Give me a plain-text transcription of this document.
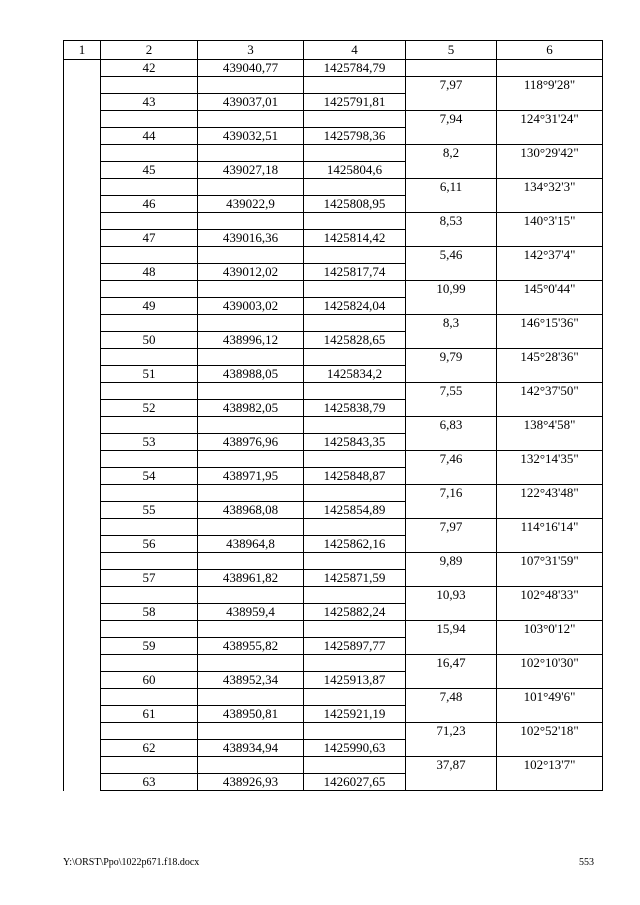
1	2	3	4	5	6
	42	439040,77	1425784,79		
				7,97	118°9'28"
	43	439037,01	1425791,81		
				7,94	124°31'24"
	44	439032,51	1425798,36		
				8,2	130°29'42"
	45	439027,18	1425804,6		
				6,11	134°32'3"
	46	439022,9	1425808,95		
				8,53	140°3'15"
	47	439016,36	1425814,42		
				5,46	142°37'4"
	48	439012,02	1425817,74		
				10,99	145°0'44"
	49	439003,02	1425824,04		
				8,3	146°15'36"
	50	438996,12	1425828,65		
				9,79	145°28'36"
	51	438988,05	1425834,2		
				7,55	142°37'50"
	52	438982,05	1425838,79		
				6,83	138°4'58"
	53	438976,96	1425843,35		
				7,46	132°14'35"
	54	438971,95	1425848,87		
				7,16	122°43'48"
	55	438968,08	1425854,89		
				7,97	114°16'14"
	56	438964,8	1425862,16		
				9,89	107°31'59"
	57	438961,82	1425871,59		
				10,93	102°48'33"
	58	438959,4	1425882,24		
				15,94	103°0'12"
	59	438955,82	1425897,77		
				16,47	102°10'30"
	60	438952,34	1425913,87		
				7,48	101°49'6"
	61	438950,81	1425921,19		
				71,23	102°52'18"
	62	438934,94	1425990,63		
				37,87	102°13'7"
	63	438926,93	1426027,65		
Y:\ORST\Ppo\1022p671.f18.docx	553
